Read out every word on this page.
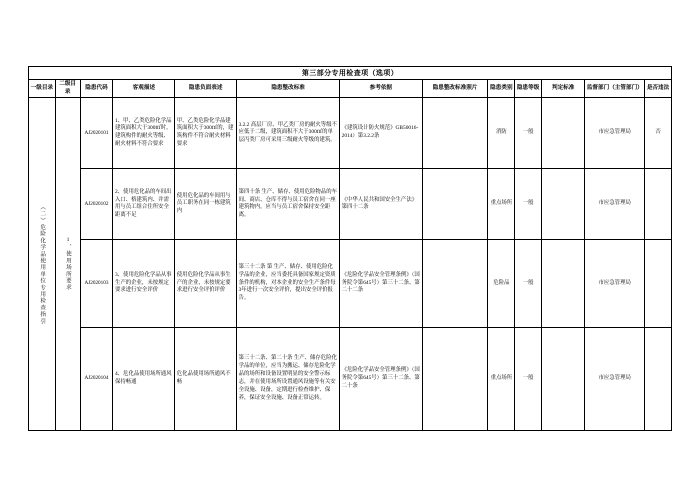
第三部分专用检查项（选项）												
一级目录	二级目录	隐患代码	客观描述	隐患负面表述	隐患整改标准	参考依据	隐患整改标准照片	隐患类别	隐患等级	判定标准	监督部门（主管部门）	是否违法

（二）危险化学品使用单位专用检查指引	1、使用场所要求	AJ2020101	1、甲、乙类危险化学品建筑面积大于300㎡时，建筑构件的耐火等级、耐火材料不符合要求	甲、乙类危险化学品建筑面积大于300㎡的，建筑构件不符合耐火材料要求	3.2.2 高层厂房、甲乙类厂房的耐火等级不应低于二级，建筑面积不大于300㎡的单层丙类厂房可采用三级耐火等级的建筑。	《建筑设计防火规范》GB50016-2014）第3.2.2条		消防	一般		市应急管理局	否
		AJ2020102	2、使用危化品的车间出入口、格建筑内、并需用与员工组合住所安全距离不足	使用危化品的车间用与员工职务在同一栋建筑内	第四十条 生产、储存、使用危险物品的车间、商店、仓库不得与员工宿舍在同一座建筑物内，应当与员工宿舍保持安全距离。	《中华人民共和国安全生产法》第四十二条		重点场所	一般		市应急管理局	
		AJ2020103	3、使用危险化学品从事生产的企业，未按规定要求进行安全评价	使用危险化学品从事生产的企业，未按规定要求进行安全评价评价	第三十二条 第 生产、储存、使用危险化学品的企业，应当委托具备国家规定资质条件的机构，对本企业的安全生产条件每3年进行一次安全评价，提出安全评价报告。	《危险化学品安全管理条例》（国务院令第645号）第三十二条、第二十二条		危险品	一般		市应急管理局	
		AJ2020104	4、危化品使用场所通风保持畅通	危化品使用场所通风不畅	第三十二条、第二十条 生产、储存危险化学品的单位，应当为搬运、储存危险化学品的场所和设备设置明显的安全警示标志，并在使用场所设置通风设施等有关安全设施、设备，定期进行检查维护、保养，保证安全设施、设备正常运转。	《危险化学品安全管理条例》（国务院令第645号）第三十二条、第二十条		重点场所	一般		市应急管理局	
